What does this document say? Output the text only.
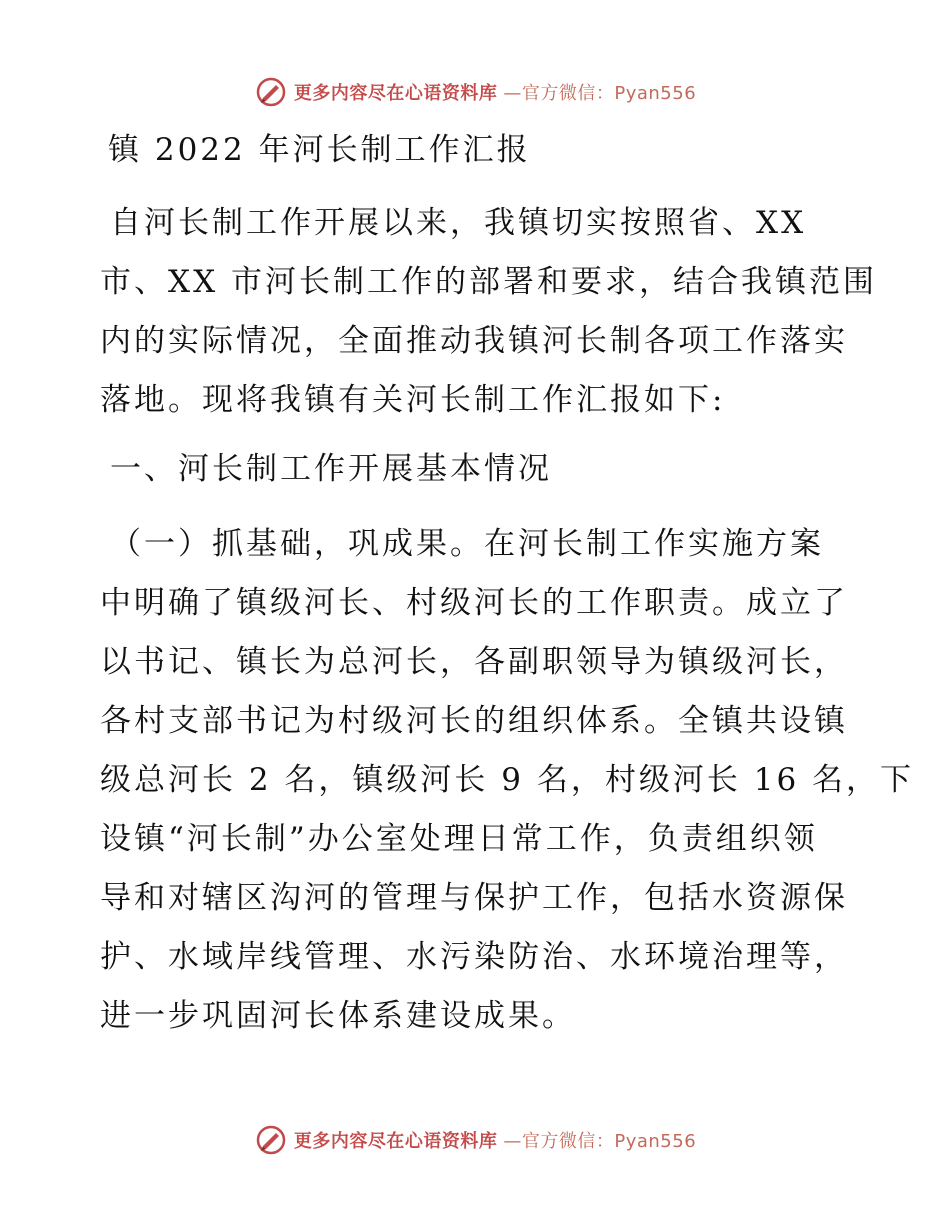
更多内容尽在心语资料库 —官方微信：Pyan556
镇 2022 年河长制工作汇报

自河长制工作开展以来，我镇切实按照省、XX
市、XX 市河长制工作的部署和要求，结合我镇范围
内的实际情况，全面推动我镇河长制各项工作落实
落地。现将我镇有关河长制工作汇报如下:

一、河长制工作开展基本情况

（一）抓基础，巩成果。在河长制工作实施方案
中明确了镇级河长、村级河长的工作职责。成立了
以书记、镇长为总河长，各副职领导为镇级河长，
各村支部书记为村级河长的组织体系。全镇共设镇
级总河长 2 名，镇级河长 9 名，村级河长 16 名，下
设镇“河长制”办公室处理日常工作，负责组织领
导和对辖区沟河的管理与保护工作，包括水资源保
护、水域岸线管理、水污染防治、水环境治理等，
进一步巩固河长体系建设成果。

更多内容尽在心语资料库 —官方微信：Pyan556
